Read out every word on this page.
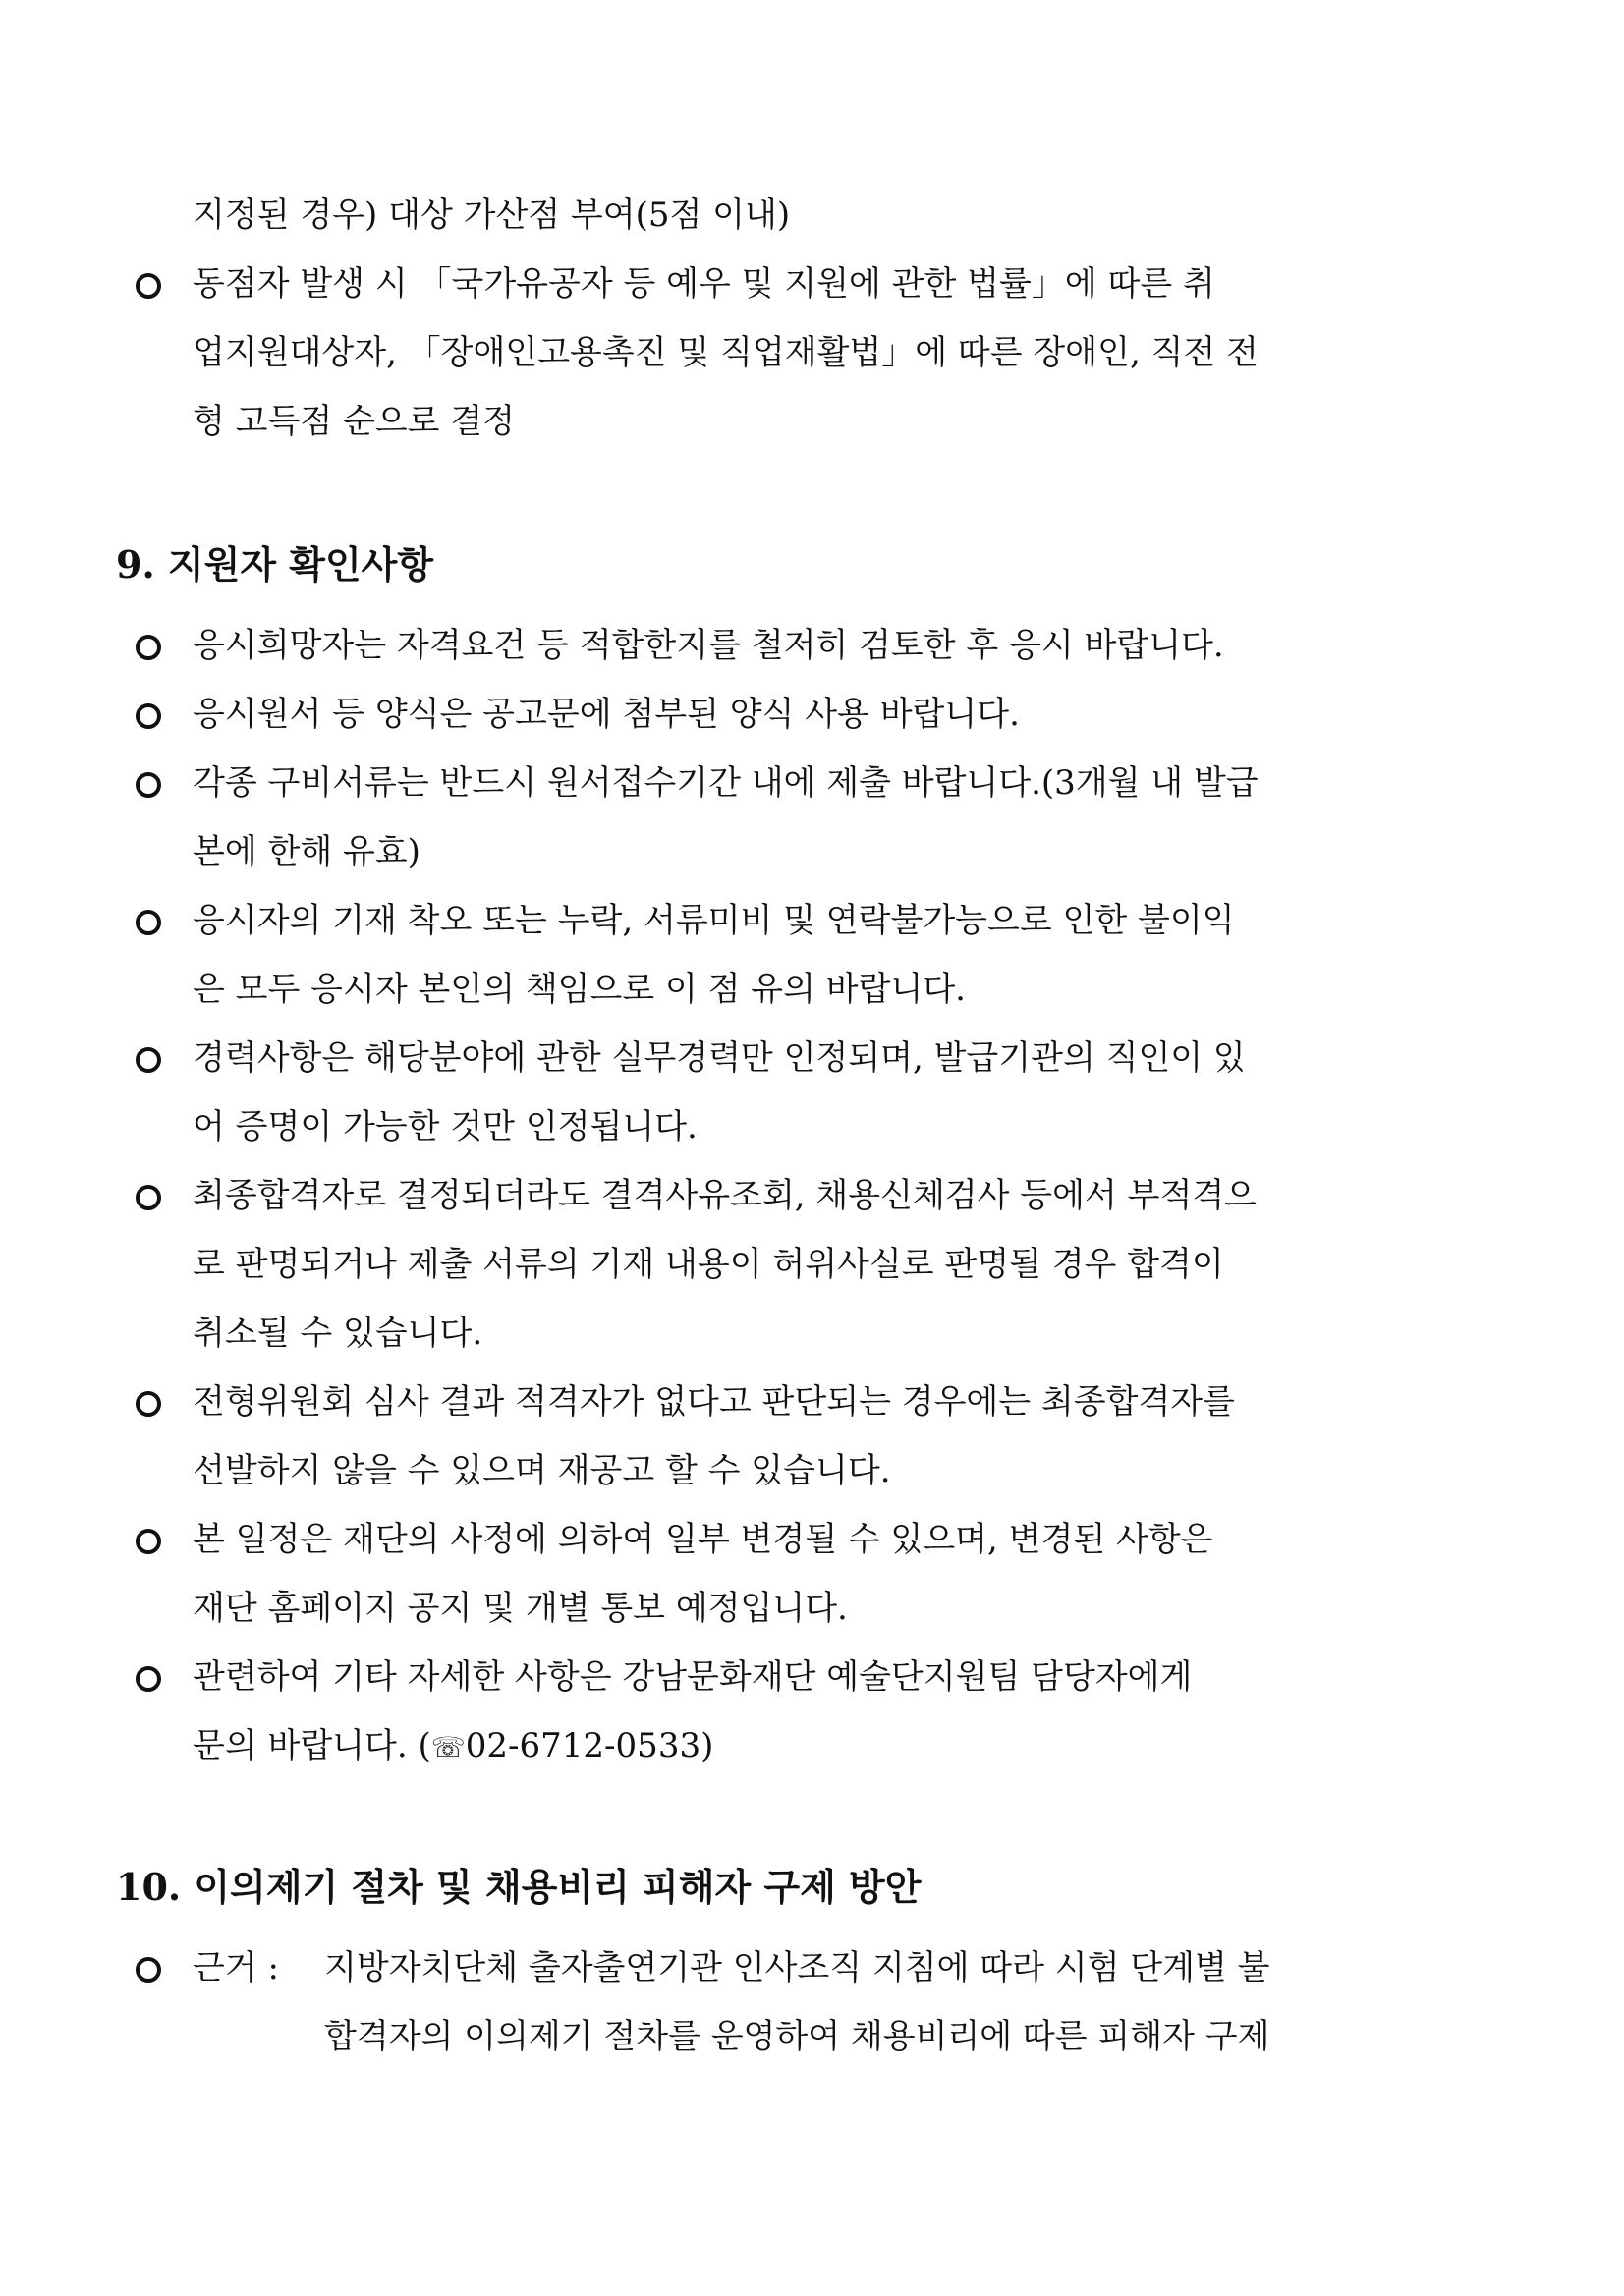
지정된 경우) 대상 가산점 부여(5점 이내)
동점자 발생 시 「국가유공자 등 예우 및 지원에 관한 법률」에 따른 취
업지원대상자, 「장애인고용촉진 및 직업재활법」에 따른 장애인, 직전 전
형 고득점 순으로 결정
9. 지원자 확인사항
응시희망자는 자격요건 등 적합한지를 철저히 검토한 후 응시 바랍니다.
응시원서 등 양식은 공고문에 첨부된 양식 사용 바랍니다.
각종 구비서류는 반드시 원서접수기간 내에 제출 바랍니다.(3개월 내 발급
본에 한해 유효)
응시자의 기재 착오 또는 누락, 서류미비 및 연락불가능으로 인한 불이익
은 모두 응시자 본인의 책임으로 이 점 유의 바랍니다.
경력사항은 해당분야에 관한 실무경력만 인정되며, 발급기관의 직인이 있
어 증명이 가능한 것만 인정됩니다.
최종합격자로 결정되더라도 결격사유조회, 채용신체검사 등에서 부적격으
로 판명되거나 제출 서류의 기재 내용이 허위사실로 판명될 경우 합격이
취소될 수 있습니다.
전형위원회 심사 결과 적격자가 없다고 판단되는 경우에는 최종합격자를
선발하지 않을 수 있으며 재공고 할 수 있습니다.
본 일정은 재단의 사정에 의하여 일부 변경될 수 있으며, 변경된 사항은
재단 홈페이지 공지 및 개별 통보 예정입니다.
관련하여 기타 자세한 사항은 강남문화재단 예술단지원팀 담당자에게
문의 바랍니다. (☏02-6712-0533)
10. 이의제기 절차 및 채용비리 피해자 구제 방안
근거 : 지방자치단체 출자출연기관 인사조직 지침에 따라 시험 단계별 불
합격자의 이의제기 절차를 운영하여 채용비리에 따른 피해자 구제
